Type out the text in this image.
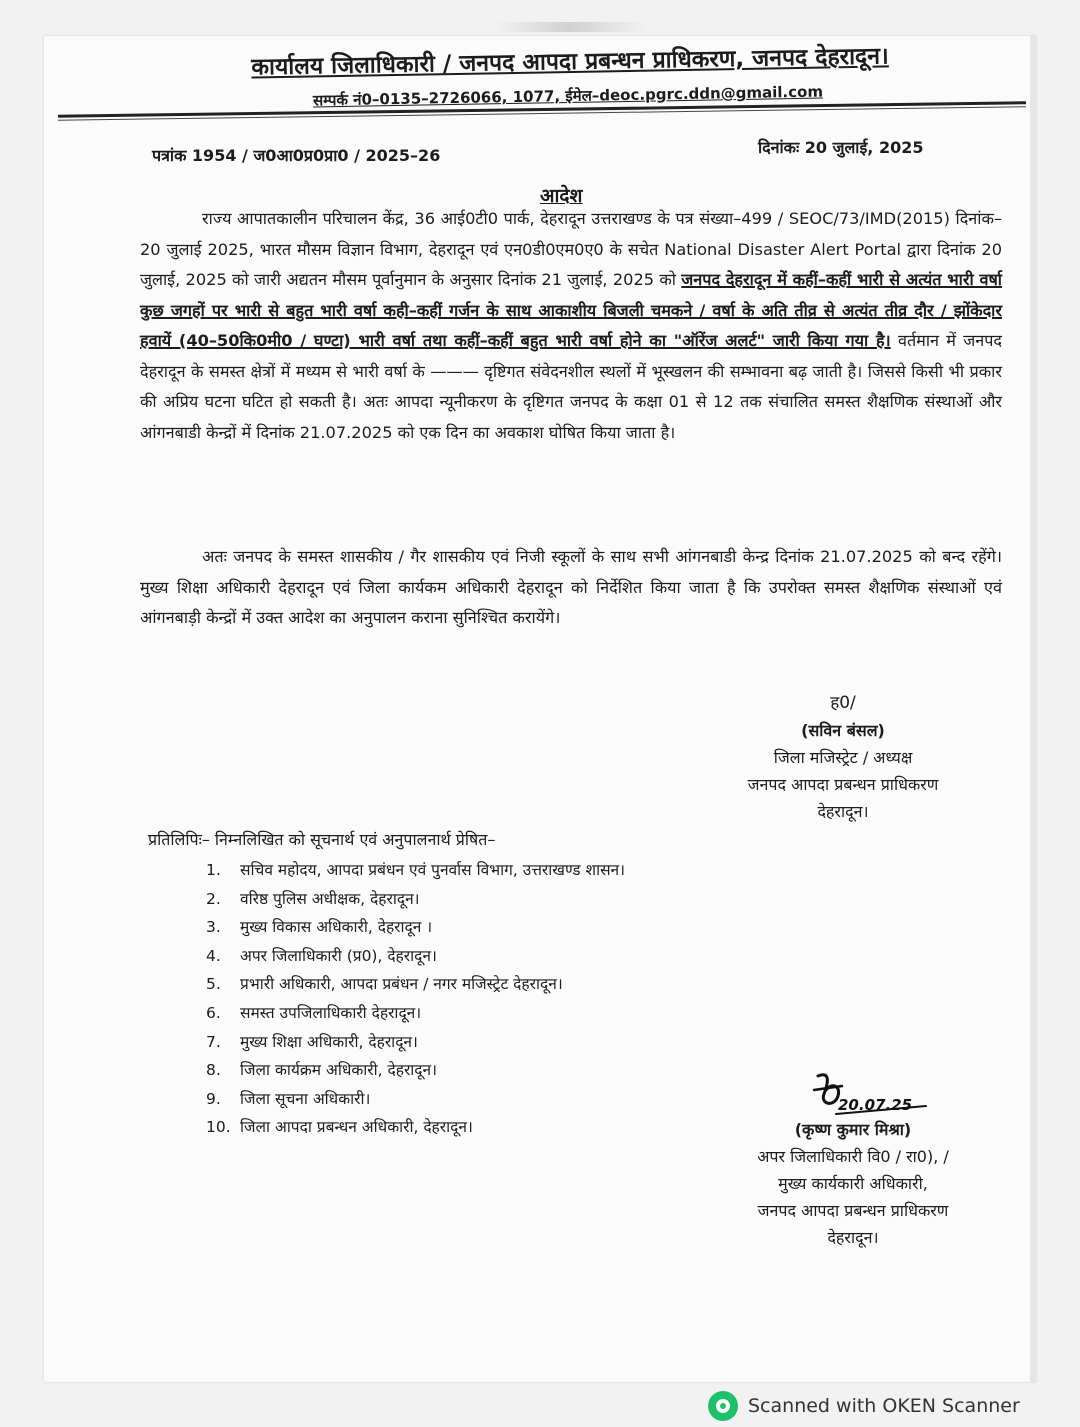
कार्यालय जिलाधिकारी / जनपद आपदा प्रबन्धन प्राधिकरण, जनपद देहरादून।
सम्पर्क नं0–0135–2726066, 1077, ईमेल–deoc.pgrc.ddn@gmail.com
पत्रांक 1954 / ज0आ0प्र0प्रा0 / 2025–26	दिनांकः 20 जुलाई, 2025
आदेश
राज्य आपातकालीन परिचालन केंद्र, 36 आई0टी0 पार्क, देहरादून उत्तराखण्ड के पत्र संख्या–499 / SEOC/73/IMD(2015) दिनांक–20 जुलाई 2025, भारत मौसम विज्ञान विभाग, देहरादून एवं एन0डी0एम0ए0 के सचेत National Disaster Alert Portal द्वारा दिनांक 20 जुलाई, 2025 को जारी अद्यतन मौसम पूर्वानुमान के अनुसार दिनांक 21 जुलाई, 2025 को जनपद देहरादून में कहीं–कहीं भारी से अत्यंत भारी वर्षा कुछ जगहों पर भारी से बहुत भारी वर्षा कही–कहीं गर्जन के साथ आकाशीय बिजली चमकने / वर्षा के अति तीव्र से अत्यंत तीव्र दौर / झोंकेदार हवायें (40–50कि0मी0 / घण्टा) भारी वर्षा तथा कहीं–कहीं बहुत भारी वर्षा होने का "ऑरेंज अलर्ट" जारी किया गया है। वर्तमान में जनपद देहरादून के समस्त क्षेत्रों में मध्यम से भारी वर्षा के ——— दृष्टिगत संवेदनशील स्थलों में भूस्खलन की सम्भावना बढ़ जाती है। जिससे किसी भी प्रकार की अप्रिय घटना घटित हो सकती है। अतः आपदा न्यूनीकरण के दृष्टिगत जनपद के कक्षा 01 से 12 तक संचालित समस्त शैक्षणिक संस्थाओं और आंगनबाडी केन्द्रों में दिनांक 21.07.2025 को एक दिन का अवकाश घोषित किया जाता है।
अतः जनपद के समस्त शासकीय / गैर शासकीय एवं निजी स्कूलों के साथ सभी आंगनबाडी केन्द्र दिनांक 21.07.2025 को बन्द रहेंगे। मुख्य शिक्षा अधिकारी देहरादून एवं जिला कार्यकम अधिकारी देहरादून को निर्देशित किया जाता है कि उपरोक्त समस्त शैक्षणिक संस्थाओं एवं आंगनबाड़ी केन्द्रों में उक्त आदेश का अनुपालन कराना सुनिश्चित करायेंगे।
ह0/
(सविन बंसल)
जिला मजिस्ट्रेट / अध्यक्ष
जनपद आपदा प्रबन्धन प्राधिकरण
देहरादून।
प्रतिलिपिः– निम्नलिखित को सूचनार्थ एवं अनुपालनार्थ प्रेषित–
1. सचिव महोदय, आपदा प्रबंधन एवं पुनर्वास विभाग, उत्तराखण्ड शासन।
2. वरिष्ठ पुलिस अधीक्षक, देहरादून।
3. मुख्य विकास अधिकारी, देहरादून ।
4. अपर जिलाधिकारी (प्र0), देहरादून।
5. प्रभारी अधिकारी, आपदा प्रबंधन / नगर मजिस्ट्रेट देहरादून।
6. समस्त उपजिलाधिकारी देहरादून।
7. मुख्य शिक्षा अधिकारी, देहरादून।
8. जिला कार्यक्रम अधिकारी, देहरादून।
9. जिला सूचना अधिकारी।
10. जिला आपदा प्रबन्धन अधिकारी, देहरादून।
20.07.25
(कृष्ण कुमार मिश्रा)
अपर जिलाधिकारी वि0 / रा0), /
मुख्य कार्यकारी अधिकारी,
जनपद आपदा प्रबन्धन प्राधिकरण
देहरादून।
Scanned with OKEN Scanner
